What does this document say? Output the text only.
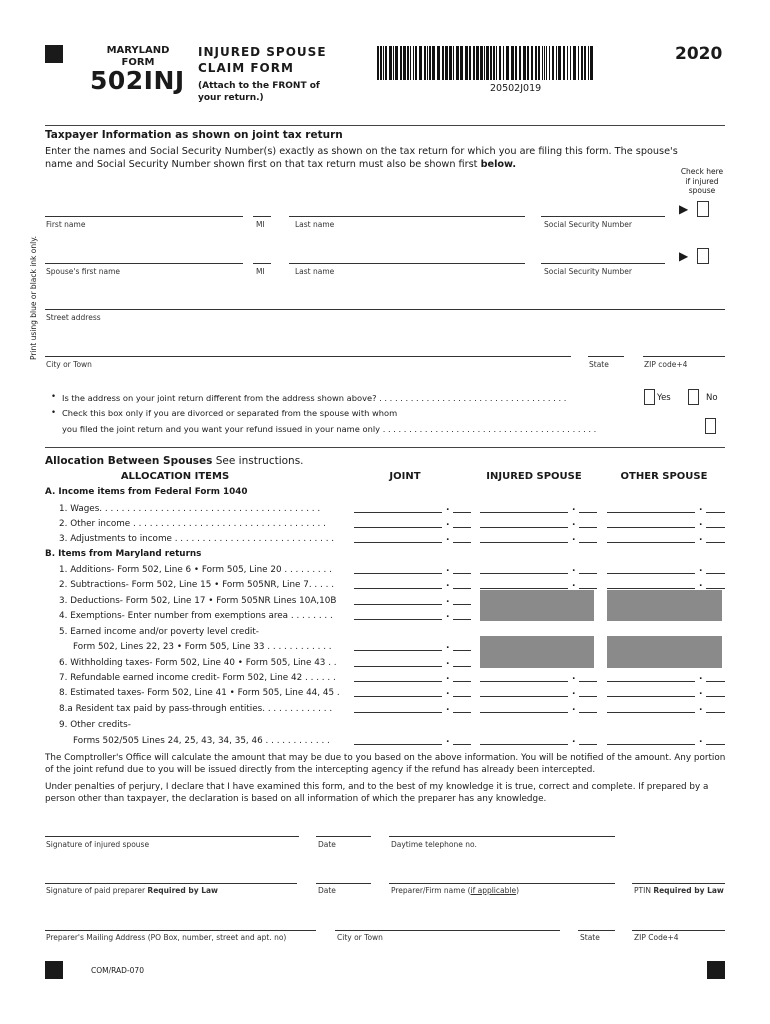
MARYLAND
FORM
502INJ
INJURED SPOUSE
CLAIM FORM
(Attach to the FRONT of
your return.)
20502J019
2020
Print using blue or black ink only.
Taxpayer Information as shown on joint tax return
Enter the names and Social Security Number(s) exactly as shown on the tax return for which you are filing this form. The spouse's
name and Social Security Number shown first on that tax return must also be shown first below.
Check here
if injured
spouse
First name	MI	Last name	Social Security Number
▶
Spouse's first name	MI	Last name	Social Security Number
▶
Street address
City or Town	State	ZIP code+4
• Is the address on your joint return different from the address shown above? . . . . . . . . . . . . . . . . . . . . . . . . . . . . . . . . . . . .	Yes	No
• Check this box only if you are divorced or separated from the spouse with whom
you filed the joint return and you want your refund issued in your name only . . . . . . . . . . . . . . . . . . . . . . . . . . . . . . . . . . . . . . . . .
Allocation Between Spouses See instructions.
ALLOCATION ITEMS	JOINT	INJURED SPOUSE	OTHER SPOUSE
A. Income items from Federal Form 1040
B. Items from Maryland returns
1. Wages. . . . . . . . . . . . . . . . . . . . . . . . . . . . . . . . . . . . . . . .	.	.	.
2. Other income . . . . . . . . . . . . . . . . . . . . . . . . . . . . . . . . . . .	.	.	.
3. Adjustments to income . . . . . . . . . . . . . . . . . . . . . . . . . . . . .	.	.	.
1. Additions- Form 502, Line 6 • Form 505, Line 20 . . . . . . . . .	.	.	.
2. Subtractions- Form 502, Line 15 • Form 505NR, Line 7. . . . .	.	.	.
3. Deductions- Form 502, Line 17 • Form 505NR Lines 10A,10B	.
4. Exemptions- Enter number from exemptions area . . . . . . . .	.
5. Earned income and/or poverty level credit-
Form 502, Lines 22, 23 • Form 505, Line 33 . . . . . . . . . . . .	.
6. Withholding taxes- Form 502, Line 40 • Form 505, Line 43 . .	.
7. Refundable earned income credit- Form 502, Line 42 . . . . . .	.	.	.
8. Estimated taxes- Form 502, Line 41 • Form 505, Line 44, 45 .	.	.	.
8.a Resident tax paid by pass-through entities. . . . . . . . . . . . .	.	.	.
9. Other credits-
Forms 502/505 Lines 24, 25, 43, 34, 35, 46 . . . . . . . . . . . .	.	.	.
The Comptroller's Office will calculate the amount that may be due to you based on the above information. You will be notified of the amount. Any portion of the joint refund due to you will be issued directly from the intercepting agency if the refund has already been intercepted.
Under penalties of perjury, I declare that I have examined this form, and to the best of my knowledge it is true, correct and complete. If prepared by a person other than taxpayer, the declaration is based on all information of which the preparer has any knowledge.
Signature of injured spouse	Date	Daytime telephone no.
Signature of paid preparer Required by Law	Date	Preparer/Firm name (if applicable)	PTIN Required by Law
Preparer's Mailing Address (PO Box, number, street and apt. no)	City or Town	State	ZIP Code+4
COM/RAD-070
